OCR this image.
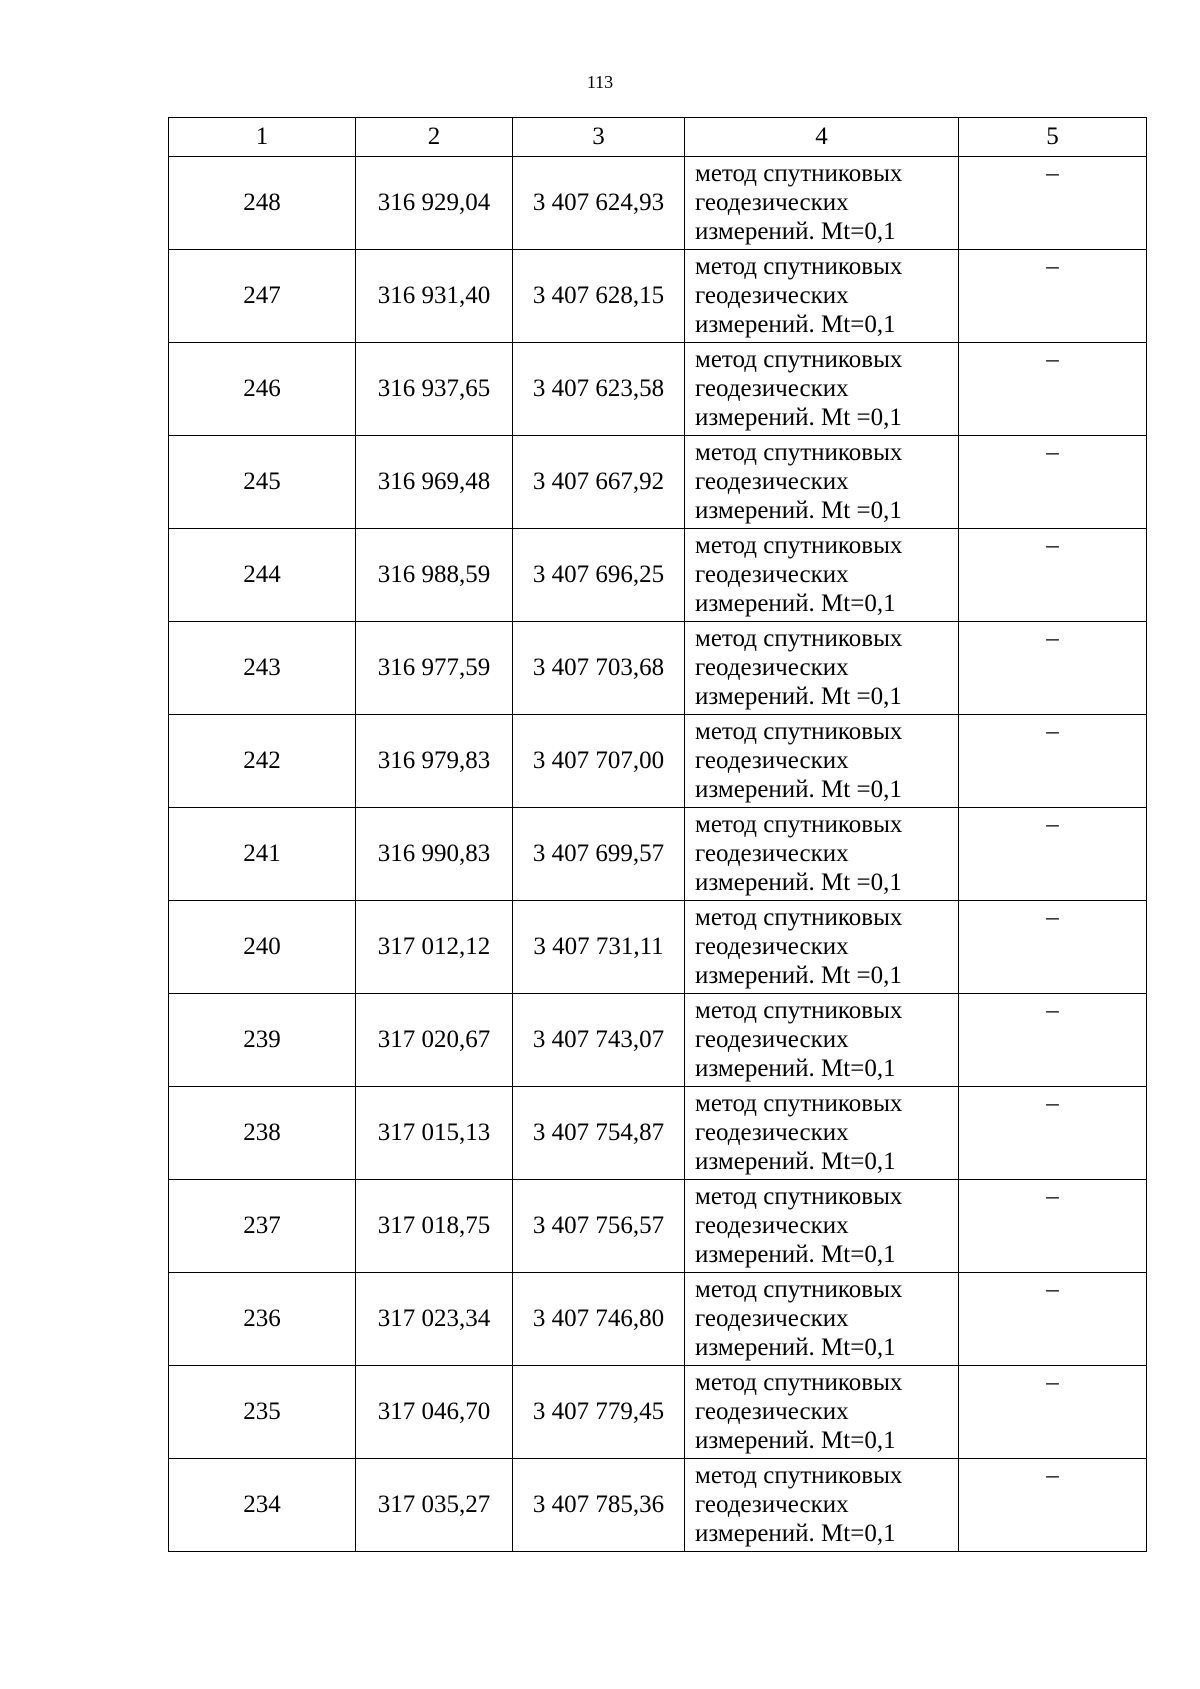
113
1	2	3	4	5
248	316 929,04	3 407 624,93	метод спутниковых
геодезических
измерений. Mt=0,1	–
247	316 931,40	3 407 628,15	метод спутниковых
геодезических
измерений. Mt=0,1	–
246	316 937,65	3 407 623,58	метод спутниковых
геодезических
измерений. Mt =0,1	–
245	316 969,48	3 407 667,92	метод спутниковых
геодезических
измерений. Mt =0,1	–
244	316 988,59	3 407 696,25	метод спутниковых
геодезических
измерений. Mt=0,1	–
243	316 977,59	3 407 703,68	метод спутниковых
геодезических
измерений. Mt =0,1	–
242	316 979,83	3 407 707,00	метод спутниковых
геодезических
измерений. Mt =0,1	–
241	316 990,83	3 407 699,57	метод спутниковых
геодезических
измерений. Mt =0,1	–
240	317 012,12	3 407 731,11	метод спутниковых
геодезических
измерений. Mt =0,1	–
239	317 020,67	3 407 743,07	метод спутниковых
геодезических
измерений. Mt=0,1	–
238	317 015,13	3 407 754,87	метод спутниковых
геодезических
измерений. Mt=0,1	–
237	317 018,75	3 407 756,57	метод спутниковых
геодезических
измерений. Mt=0,1	–
236	317 023,34	3 407 746,80	метод спутниковых
геодезических
измерений. Mt=0,1	–
235	317 046,70	3 407 779,45	метод спутниковых
геодезических
измерений. Mt=0,1	–
234	317 035,27	3 407 785,36	метод спутниковых
геодезических
измерений. Mt=0,1	–
